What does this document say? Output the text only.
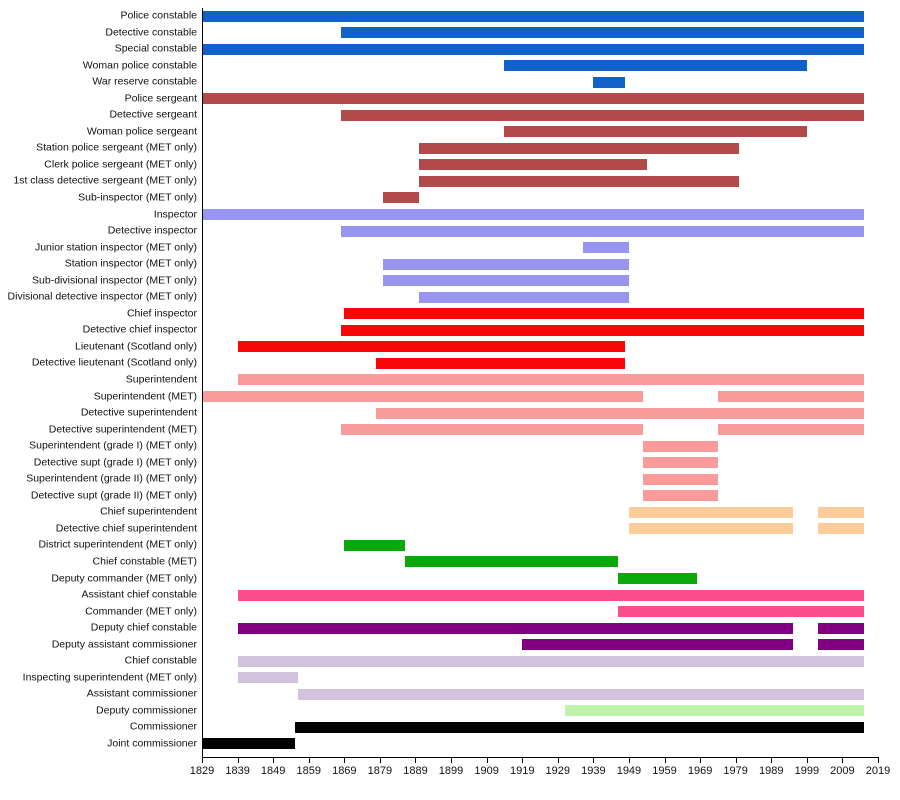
Police constable
Detective constable
Special constable
Woman police constable
War reserve constable
Police sergeant
Detective sergeant
Woman police sergeant
Station police sergeant (MET only)
Clerk police sergeant (MET only)
1st class detective sergeant (MET only)
Sub-inspector (MET only)
Inspector
Detective inspector
Junior station inspector (MET only)
Station inspector (MET only)
Sub-divisional inspector (MET only)
Divisional detective inspector (MET only)
Chief inspector
Detective chief inspector
Lieutenant (Scotland only)
Detective lieutenant (Scotland only)
Superintendent
Superintendent (MET)
Detective superintendent
Detective superintendent (MET)
Superintendent (grade I) (MET only)
Detective supt (grade I) (MET only)
Superintendent (grade II) (MET only)
Detective supt (grade II) (MET only)
Chief superintendent
Detective chief superintendent
District superintendent (MET only)
Chief constable (MET)
Deputy commander (MET only)
Assistant chief constable
Commander (MET only)
Deputy chief constable
Deputy assistant commissioner
Chief constable
Inspecting superintendent (MET only)
Assistant commissioner
Deputy commissioner
Commissioner
Joint commissioner
1829 1839 1849 1859 1869 1879 1889 1899 1909 1919 1929 1939 1949 1959 1969 1979 1989 1999 2009 2019
